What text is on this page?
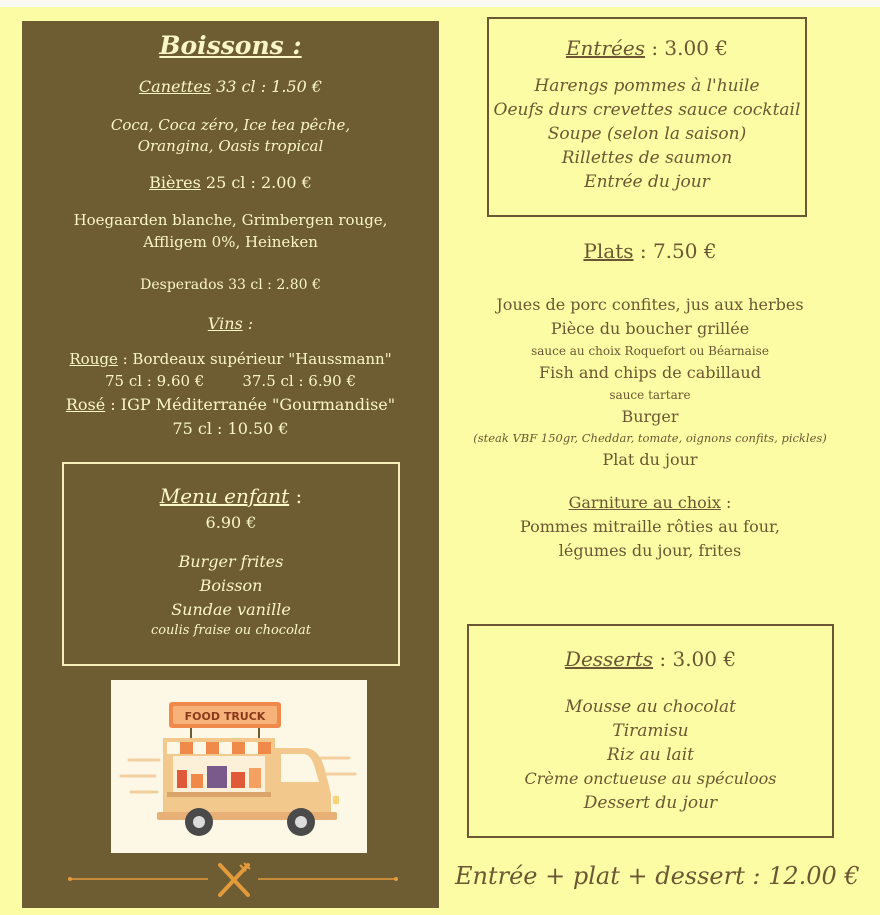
Boissons :
Canettes 33 cl : 1.50 €
Coca, Coca zéro, Ice tea pêche,
Orangina, Oasis tropical
Bières 25 cl : 2.00 €
Hoegaarden blanche, Grimbergen rouge,
Affligem 0%, Heineken
Desperados 33 cl : 2.80 €
Vins :
Rouge : Bordeaux supérieur "Haussmann"
75 cl : 9.60 €	37.5 cl : 6.90 €
Rosé : IGP Méditerranée "Gourmandise"
75 cl : 10.50 €
Menu enfant :
6.90 €
Burger frites
Boisson
Sundae vanille
coulis fraise ou chocolat
FOOD TRUCK
Entrées : 3.00 €
Harengs pommes à l'huile
Oeufs durs crevettes sauce cocktail
Soupe (selon la saison)
Rillettes de saumon
Entrée du jour
Plats : 7.50 €
Joues de porc confites, jus aux herbes
Pièce du boucher grillée
sauce au choix Roquefort ou Béarnaise
Fish and chips de cabillaud
sauce tartare
Burger
(steak VBF 150gr, Cheddar, tomate, oignons confits, pickles)
Plat du jour
Garniture au choix :
Pommes mitraille rôties au four,
légumes du jour, frites
Desserts : 3.00 €
Mousse au chocolat
Tiramisu
Riz au lait
Crème onctueuse au spéculoos
Dessert du jour
Entrée + plat + dessert : 12.00 €
